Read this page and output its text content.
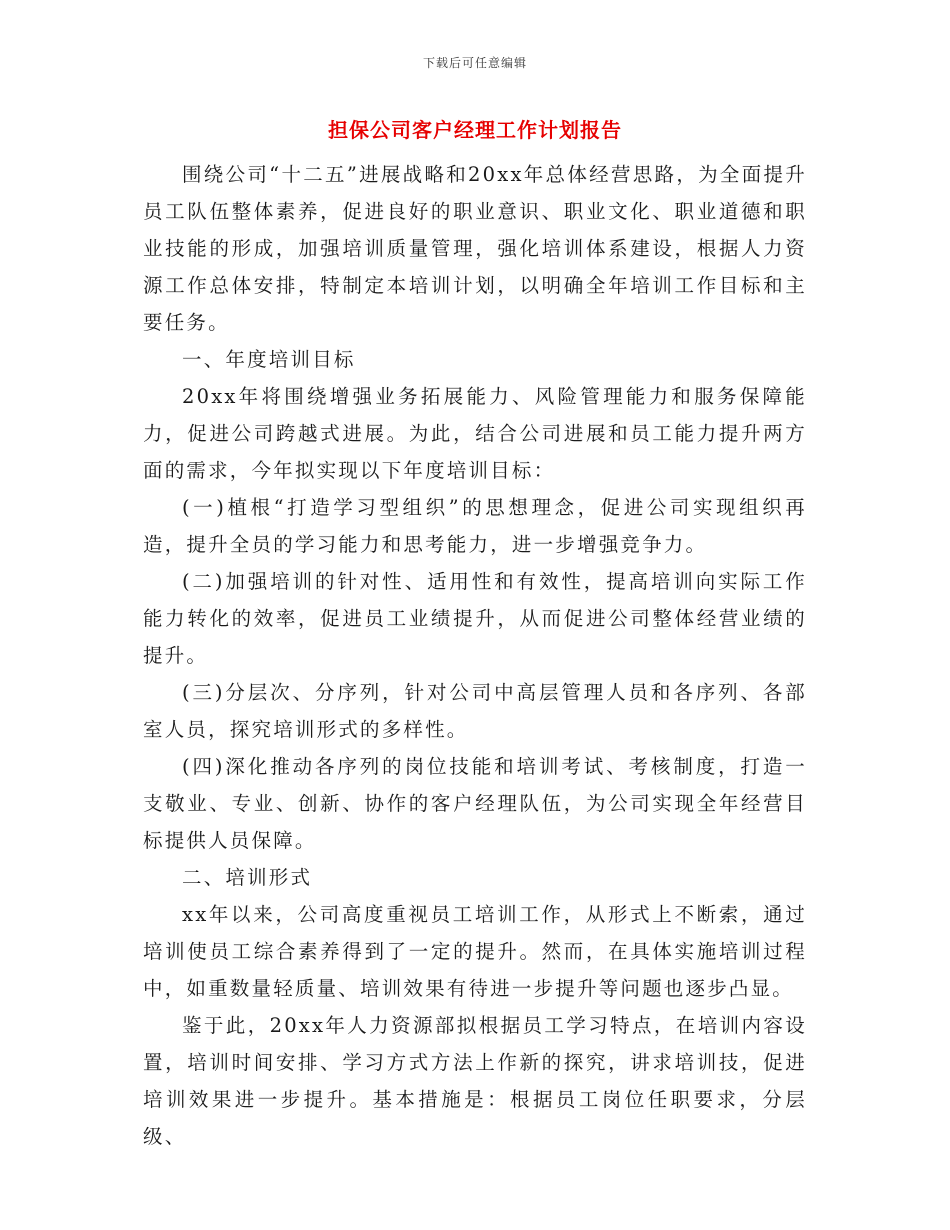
下载后可任意编辑
担保公司客户经理工作计划报告

围绕公司“十二五”进展战略和20xx年总体经营思路，为全面提升员工队伍整体素养，促进良好的职业意识、职业文化、职业道德和职业技能的形成，加强培训质量管理，强化培训体系建设，根据人力资源工作总体安排，特制定本培训计划，以明确全年培训工作目标和主要任务。

一、年度培训目标

20xx年将围绕增强业务拓展能力、风险管理能力和服务保障能力，促进公司跨越式进展。为此，结合公司进展和员工能力提升两方面的需求，今年拟实现以下年度培训目标：

(一)植根“打造学习型组织”的思想理念，促进公司实现组织再造，提升全员的学习能力和思考能力，进一步增强竞争力。

(二)加强培训的针对性、适用性和有效性，提高培训向实际工作能力转化的效率，促进员工业绩提升，从而促进公司整体经营业绩的提升。

(三)分层次、分序列，针对公司中高层管理人员和各序列、各部室人员，探究培训形式的多样性。

(四)深化推动各序列的岗位技能和培训考试、考核制度，打造一支敬业、专业、创新、协作的客户经理队伍，为公司实现全年经营目标提供人员保障。

二、培训形式

xx年以来，公司高度重视员工培训工作，从形式上不断索，通过培训使员工综合素养得到了一定的提升。然而，在具体实施培训过程中，如重数量轻质量、培训效果有待进一步提升等问题也逐步凸显。

鉴于此，20xx年人力资源部拟根据员工学习特点，在培训内容设置，培训时间安排、学习方式方法上作新的探究，讲求培训技，促进培训效果进一步提升。基本措施是：根据员工岗位任职要求，分层级、
